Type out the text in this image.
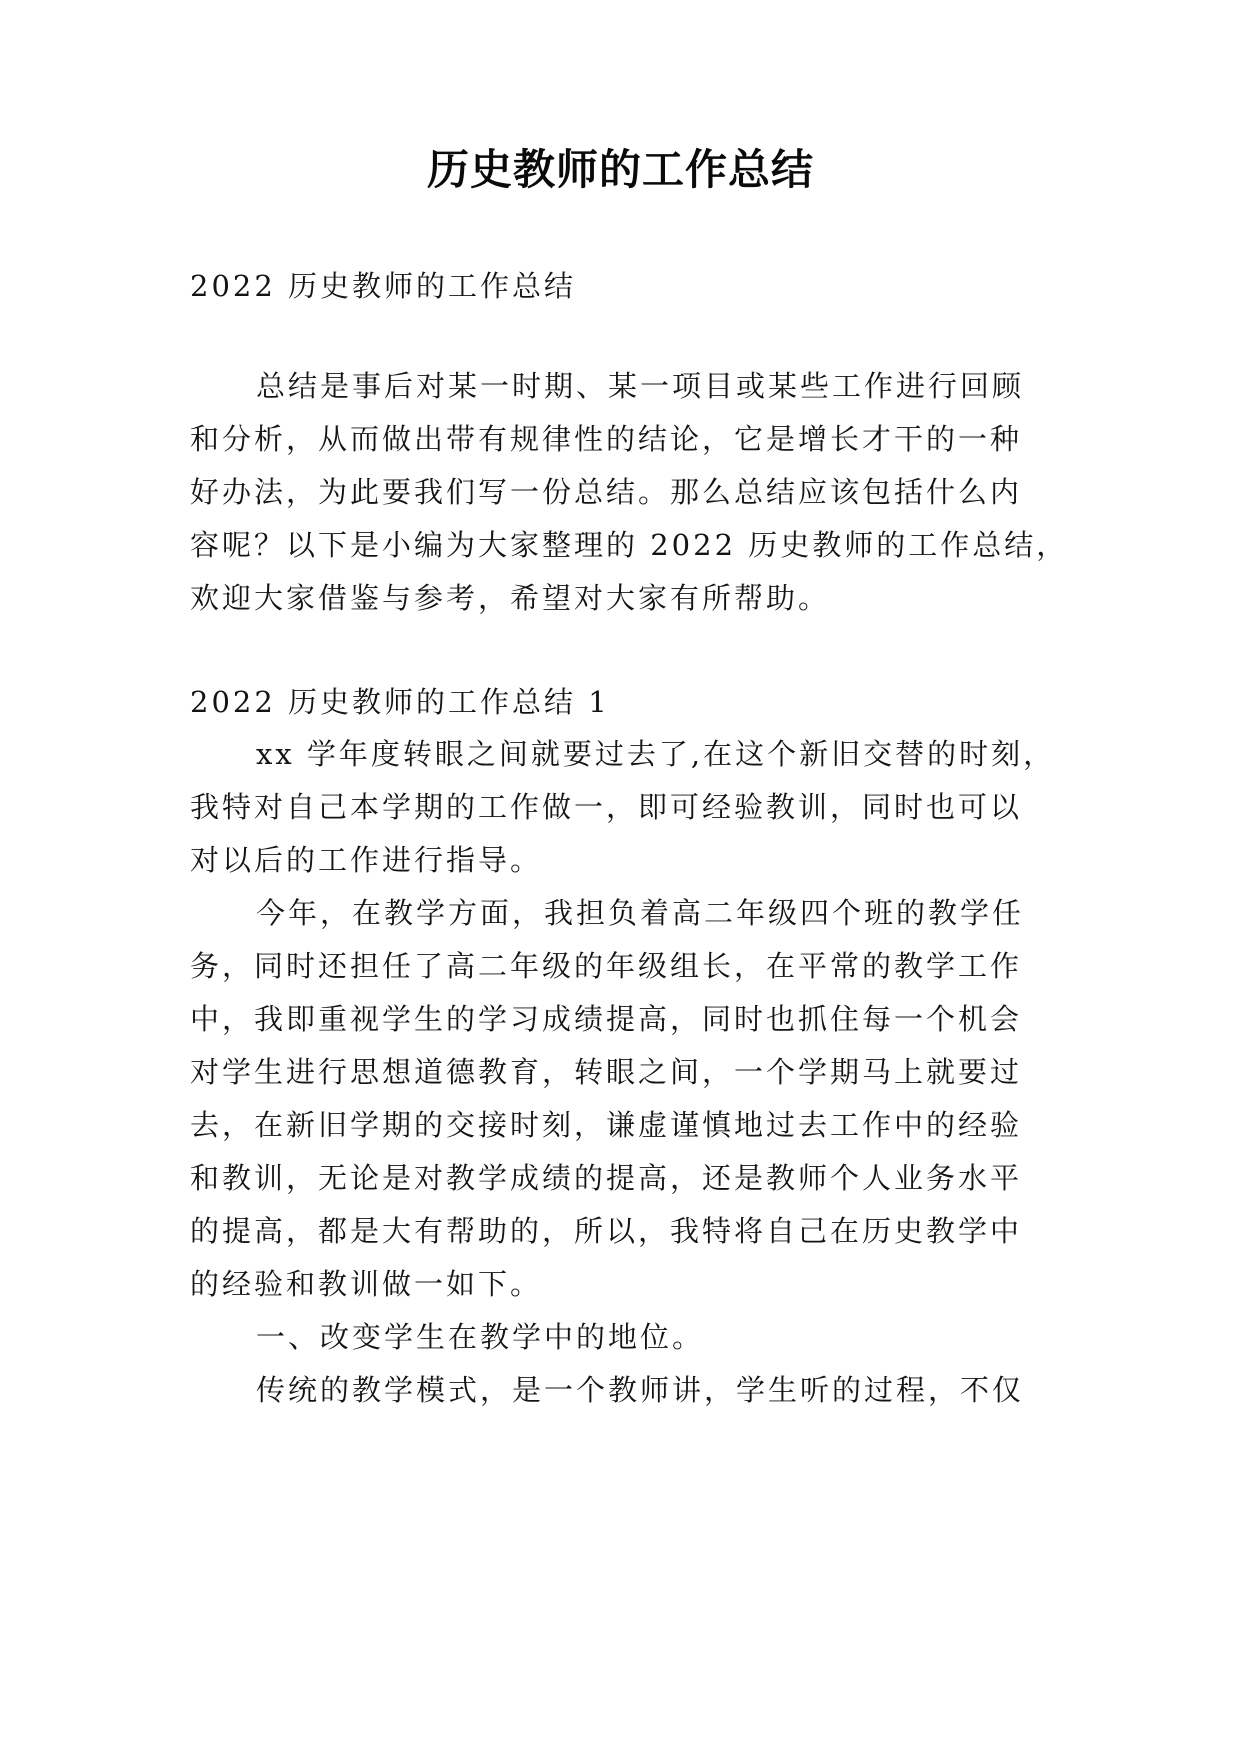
历史教师的工作总结
2022 历史教师的工作总结
总结是事后对某一时期、某一项目或某些工作进行回顾
和分析，从而做出带有规律性的结论，它是增长才干的一种
好办法，为此要我们写一份总结。那么总结应该包括什么内
容呢？以下是小编为大家整理的 2022 历史教师的工作总结，
欢迎大家借鉴与参考，希望对大家有所帮助。
2022 历史教师的工作总结 1
xx 学年度转眼之间就要过去了,在这个新旧交替的时刻，
我特对自己本学期的工作做一，即可经验教训，同时也可以
对以后的工作进行指导。
今年，在教学方面，我担负着高二年级四个班的教学任
务，同时还担任了高二年级的年级组长，在平常的教学工作
中，我即重视学生的学习成绩提高，同时也抓住每一个机会
对学生进行思想道德教育，转眼之间，一个学期马上就要过
去，在新旧学期的交接时刻，谦虚谨慎地过去工作中的经验
和教训，无论是对教学成绩的提高，还是教师个人业务水平
的提高，都是大有帮助的，所以，我特将自己在历史教学中
的经验和教训做一如下。
一、改变学生在教学中的地位。
传统的教学模式，是一个教师讲，学生听的过程，不仅
